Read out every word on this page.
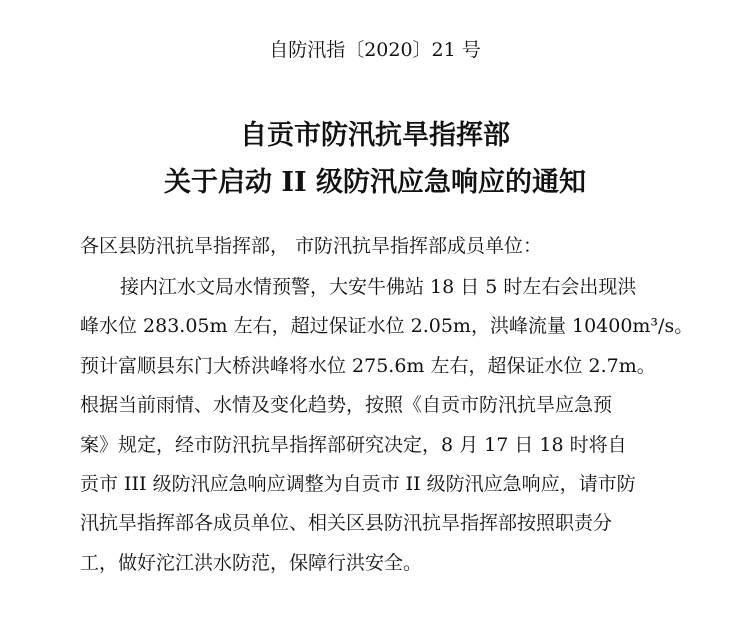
自防汛指〔2020〕21 号
自贡市防汛抗旱指挥部
关于启动 II 级防汛应急响应的通知
各区县防汛抗旱指挥部， 市防汛抗旱指挥部成员单位：
接内江水文局水情预警，大安牛佛站 18 日 5 时左右会出现洪
峰水位 283.05m 左右，超过保证水位 2.05m，洪峰流量 10400m³/s。
预计富顺县东门大桥洪峰将水位 275.6m 左右，超保证水位 2.7m。
根据当前雨情、水情及变化趋势，按照《自贡市防汛抗旱应急预
案》规定，经市防汛抗旱指挥部研究决定，8 月 17 日 18 时将自
贡市 III 级防汛应急响应调整为自贡市 II 级防汛应急响应，请市防
汛抗旱指挥部各成员单位、相关区县防汛抗旱指挥部按照职责分
工，做好沱江洪水防范，保障行洪安全。
